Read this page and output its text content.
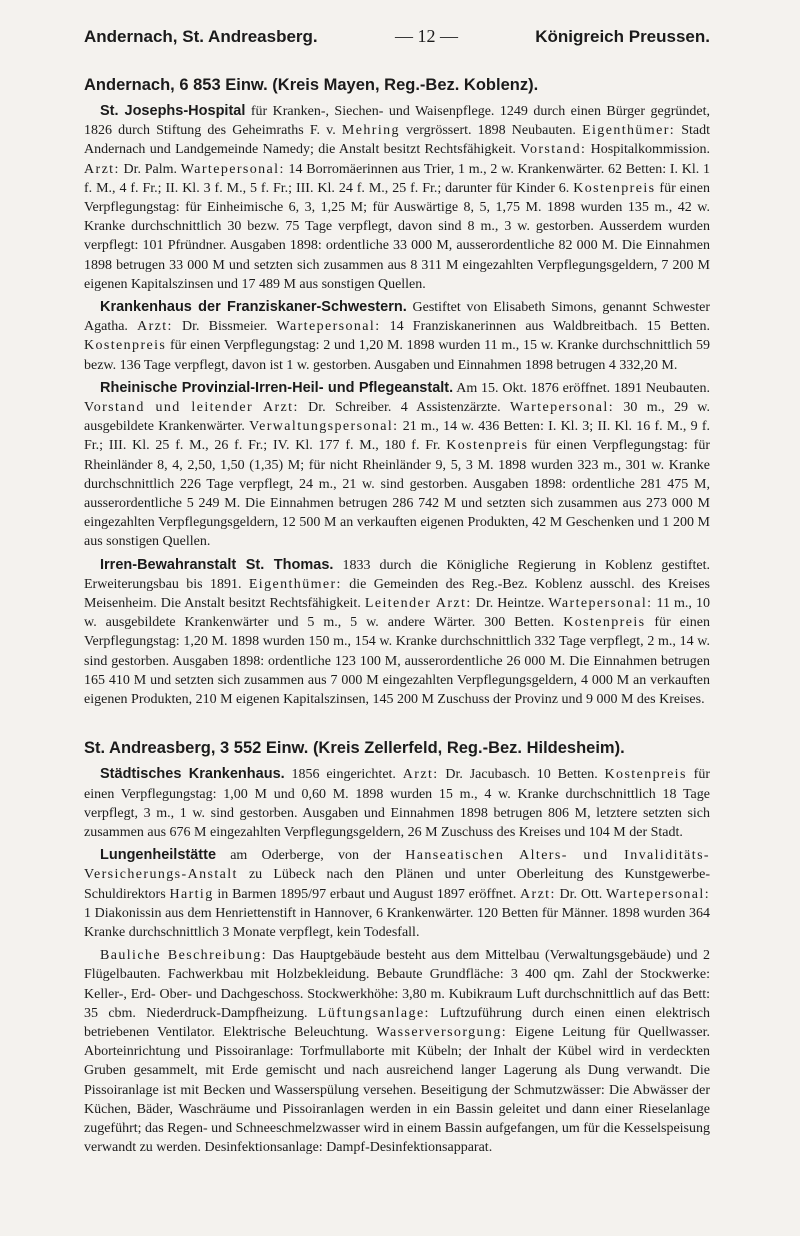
Andernach, St. Andreasberg.	— 12 —	Königreich Preussen.
Andernach, 6 853 Einw. (Kreis Mayen, Reg.-Bez. Koblenz).

St. Josephs-Hospital für Kranken-, Siechen- und Waisenpflege. 1249 durch einen Bürger gegründet, 1826 durch Stiftung des Geheimraths F. v. Mehring vergrössert. 1898 Neubauten. Eigenthümer: Stadt Andernach und Landgemeinde Namedy; die Anstalt besitzt Rechtsfähigkeit. Vorstand: Hospitalkommission. Arzt: Dr. Palm. Wartepersonal: 14 Borromäerinnen aus Trier, 1 m., 2 w. Krankenwärter. 62 Betten: I. Kl. 1 f. M., 4 f. Fr.; II. Kl. 3 f. M., 5 f. Fr.; III. Kl. 24 f. M., 25 f. Fr.; darunter für Kinder 6. Kostenpreis für einen Verpflegungstag: für Einheimische 6, 3, 1,25 M; für Auswärtige 8, 5, 1,75 M. 1898 wurden 135 m., 42 w. Kranke durchschnittlich 30 bezw. 75 Tage verpflegt, davon sind 8 m., 3 w. gestorben. Ausserdem wurden verpflegt: 101 Pfründner. Ausgaben 1898: ordentliche 33 000 M, ausserordentliche 82 000 M. Die Einnahmen 1898 betrugen 33 000 M und setzten sich zusammen aus 8 311 M eingezahlten Verpflegungsgeldern, 7 200 M eigenen Kapitalszinsen und 17 489 M aus sonstigen Quellen.

Krankenhaus der Franziskaner-Schwestern. Gestiftet von Elisabeth Simons, genannt Schwester Agatha. Arzt: Dr. Bissmeier. Wartepersonal: 14 Franziskanerinnen aus Waldbreitbach. 15 Betten. Kostenpreis für einen Verpflegungstag: 2 und 1,20 M. 1898 wurden 11 m., 15 w. Kranke durchschnittlich 59 bezw. 136 Tage verpflegt, davon ist 1 w. gestorben. Ausgaben und Einnahmen 1898 betrugen 4 332,20 M.

Rheinische Provinzial-Irren-Heil- und Pflegeanstalt. Am 15. Okt. 1876 eröffnet. 1891 Neubauten. Vorstand und leitender Arzt: Dr. Schreiber. 4 Assistenzärzte. Wartepersonal: 30 m., 29 w. ausgebildete Krankenwärter. Verwaltungspersonal: 21 m., 14 w. 436 Betten: I. Kl. 3; II. Kl. 16 f. M., 9 f. Fr.; III. Kl. 25 f. M., 26 f. Fr.; IV. Kl. 177 f. M., 180 f. Fr. Kostenpreis für einen Verpflegungstag: für Rheinländer 8, 4, 2,50, 1,50 (1,35) M; für nicht Rheinländer 9, 5, 3 M. 1898 wurden 323 m., 301 w. Kranke durchschnittlich 226 Tage verpflegt, 24 m., 21 w. sind gestorben. Ausgaben 1898: ordentliche 281 475 M, ausserordentliche 5 249 M. Die Einnahmen betrugen 286 742 M und setzten sich zusammen aus 273 000 M eingezahlten Verpflegungsgeldern, 12 500 M an verkauften eigenen Produkten, 42 M Geschenken und 1 200 M aus sonstigen Quellen.

Irren-Bewahranstalt St. Thomas. 1833 durch die Königliche Regierung in Koblenz gestiftet. Erweiterungsbau bis 1891. Eigenthümer: die Gemeinden des Reg.-Bez. Koblenz ausschl. des Kreises Meisenheim. Die Anstalt besitzt Rechtsfähigkeit. Leitender Arzt: Dr. Heintze. Wartepersonal: 11 m., 10 w. ausgebildete Krankenwärter und 5 m., 5 w. andere Wärter. 300 Betten. Kostenpreis für einen Verpflegungstag: 1,20 M. 1898 wurden 150 m., 154 w. Kranke durchschnittlich 332 Tage verpflegt, 2 m., 14 w. sind gestorben. Ausgaben 1898: ordentliche 123 100 M, ausserordentliche 26 000 M. Die Einnahmen betrugen 165 410 M und setzten sich zusammen aus 7 000 M eingezahlten Verpflegungsgeldern, 4 000 M an verkauften eigenen Produkten, 210 M eigenen Kapitalszinsen, 145 200 M Zuschuss der Provinz und 9 000 M des Kreises.

St. Andreasberg, 3 552 Einw. (Kreis Zellerfeld, Reg.-Bez. Hildesheim).

Städtisches Krankenhaus. 1856 eingerichtet. Arzt: Dr. Jacubasch. 10 Betten. Kostenpreis für einen Verpflegungstag: 1,00 M und 0,60 M. 1898 wurden 15 m., 4 w. Kranke durchschnittlich 18 Tage verpflegt, 3 m., 1 w. sind gestorben. Ausgaben und Einnahmen 1898 betrugen 806 M, letztere setzten sich zusammen aus 676 M eingezahlten Verpflegungsgeldern, 26 M Zuschuss des Kreises und 104 M der Stadt.

Lungenheilstätte am Oderberge, von der Hanseatischen Alters- und Invaliditäts-Versicherungs-Anstalt zu Lübeck nach den Plänen und unter Oberleitung des Kunstgewerbe-Schuldirektors Hartig in Barmen 1895/97 erbaut und August 1897 eröffnet. Arzt: Dr. Ott. Wartepersonal: 1 Diakonissin aus dem Henriettenstift in Hannover, 6 Krankenwärter. 120 Betten für Männer. 1898 wurden 364 Kranke durchschnittlich 3 Monate verpflegt, kein Todesfall.

Bauliche Beschreibung: Das Hauptgebäude besteht aus dem Mittelbau (Verwaltungsgebäude) und 2 Flügelbauten. Fachwerkbau mit Holzbekleidung. Bebaute Grundfläche: 3 400 qm. Zahl der Stockwerke: Keller-, Erd- Ober- und Dachgeschoss. Stockwerkhöhe: 3,80 m. Kubikraum Luft durchschnittlich auf das Bett: 35 cbm. Niederdruck-Dampfheizung. Lüftungsanlage: Luftzuführung durch einen einen elektrisch betriebenen Ventilator. Elektrische Beleuchtung. Wasserversorgung: Eigene Leitung für Quellwasser. Aborteinrichtung und Pissoiranlage: Torfmullaborte mit Kübeln; der Inhalt der Kübel wird in verdeckten Gruben gesammelt, mit Erde gemischt und nach ausreichend langer Lagerung als Dung verwandt. Die Pissoiranlage ist mit Becken und Wasserspülung versehen. Beseitigung der Schmutzwässer: Die Abwässer der Küchen, Bäder, Waschräume und Pissoiranlagen werden in ein Bassin geleitet und dann einer Rieselanlage zugeführt; das Regen- und Schneeschmelzwasser wird in einem Bassin aufgefangen, um für die Kesselspeisung verwandt zu werden. Desinfektionsanlage: Dampf-Desinfektionsapparat.
